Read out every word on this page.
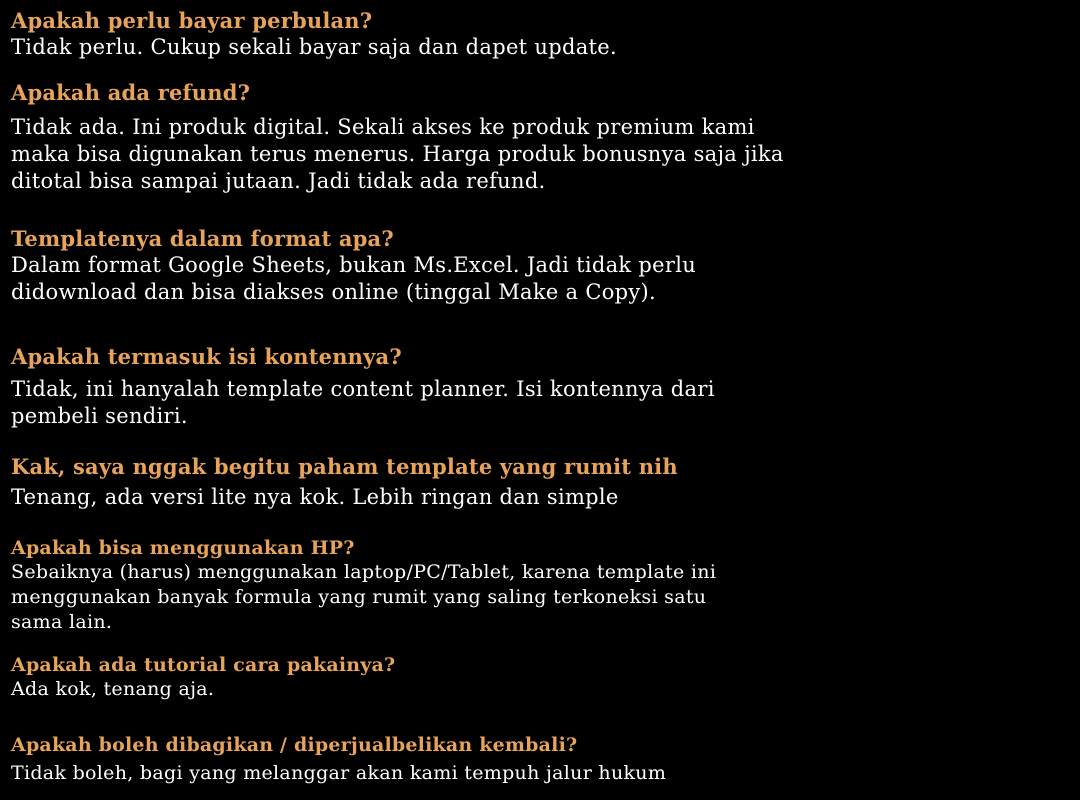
Apakah perlu bayar perbulan?

Tidak perlu. Cukup sekali bayar saja dan dapet update.

Apakah ada refund?

Tidak ada. Ini produk digital. Sekali akses ke produk premium kami
maka bisa digunakan terus menerus. Harga produk bonusnya saja jika
ditotal bisa sampai jutaan. Jadi tidak ada refund.

Templatenya dalam format apa?

Dalam format Google Sheets, bukan Ms.Excel. Jadi tidak perlu
didownload dan bisa diakses online (tinggal Make a Copy).

Apakah termasuk isi kontennya?

Tidak, ini hanyalah template content planner. Isi kontennya dari
pembeli sendiri.

Kak, saya nggak begitu paham template yang rumit nih

Tenang, ada versi lite nya kok. Lebih ringan dan simple

Apakah bisa menggunakan HP?

Sebaiknya (harus) menggunakan laptop/PC/Tablet, karena template ini
menggunakan banyak formula yang rumit yang saling terkoneksi satu
sama lain.

Apakah ada tutorial cara pakainya?

Ada kok, tenang aja.

Apakah boleh dibagikan / diperjualbelikan kembali?

Tidak boleh, bagi yang melanggar akan kami tempuh jalur hukum
